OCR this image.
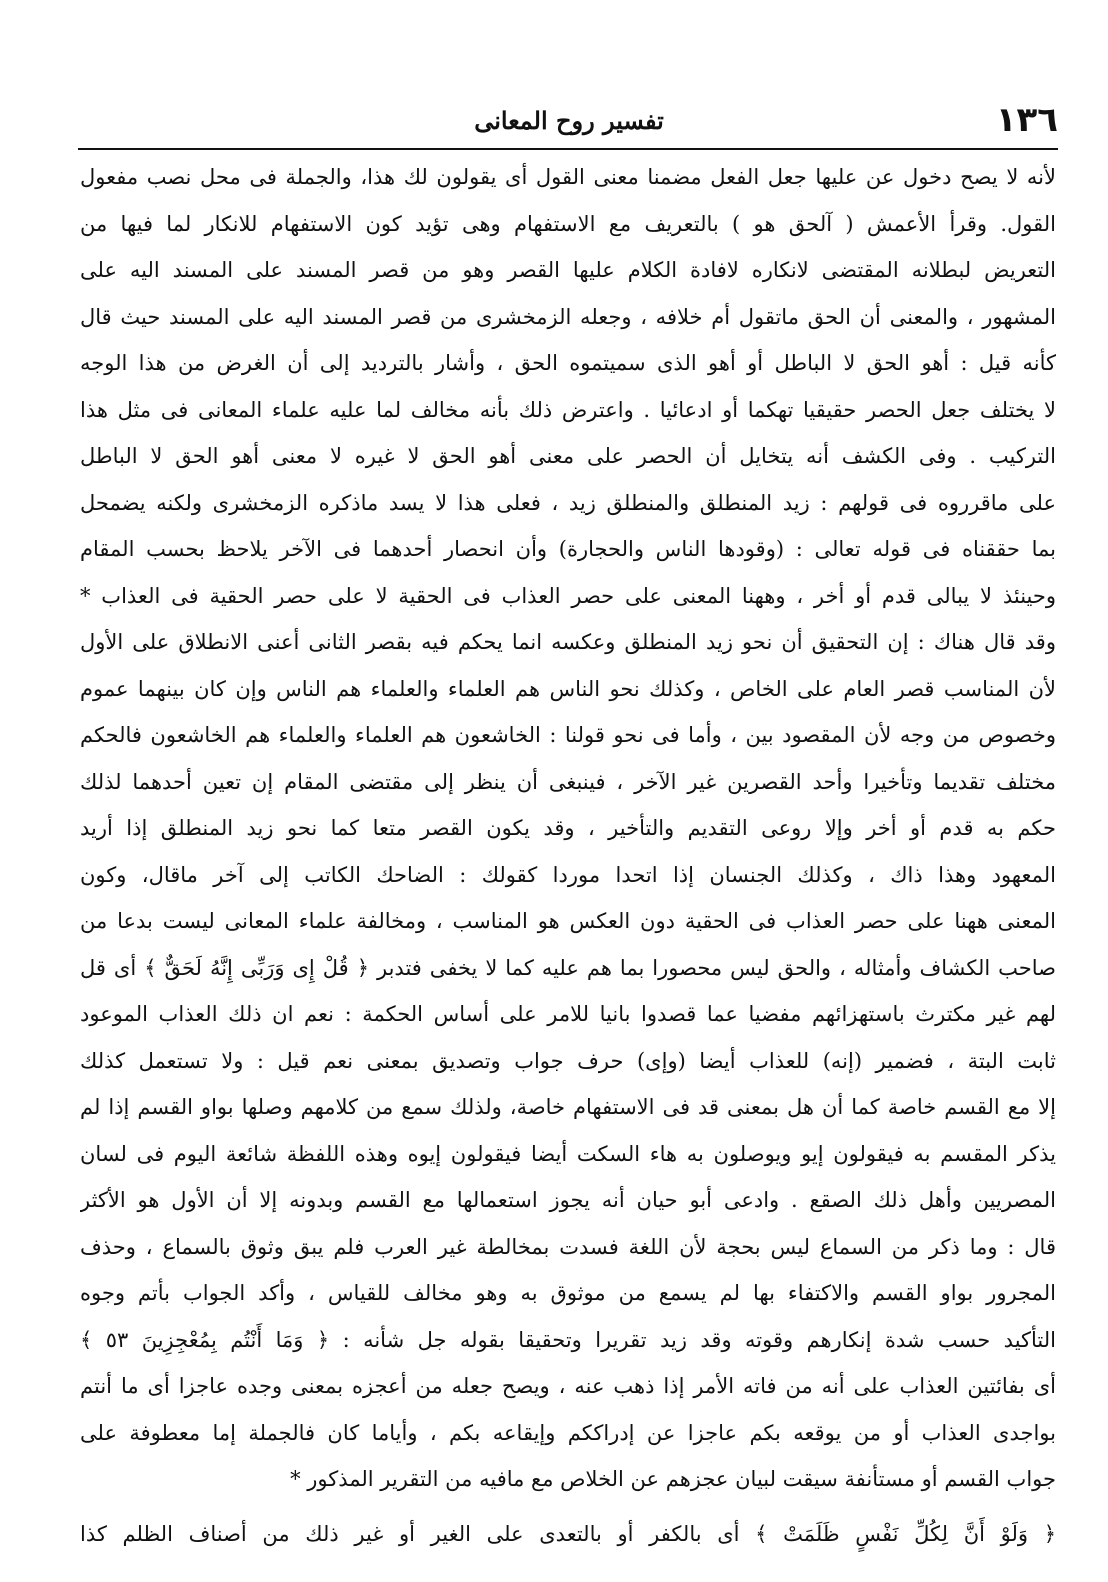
١٣٦
تفسير روح المعانى
لأنه لا يصح دخول عن عليها جعل الفعل مضمنا معنى القول أى يقولون لك هذا، والجملة فى محل نصب مفعول
القول. وقرأ الأعمش ( آلحق هو ) بالتعريف مع الاستفهام وهى تؤيد كون الاستفهام للانكار لما فيها من
التعريض لبطلانه المقتضى لانكاره لافادة الكلام عليها القصر وهو من قصر المسند على المسند اليه على
المشهور ، والمعنى أن الحق ماتقول أم خلافه ، وجعله الزمخشرى من قصر المسند اليه على المسند حيث قال
كأنه قيل : أهو الحق لا الباطل أو أهو الذى سميتموه الحق ، وأشار بالترديد إلى أن الغرض من هذا الوجه
لا يختلف جعل الحصر حقيقيا تهكما أو ادعائيا . واعترض ذلك بأنه مخالف لما عليه علماء المعانى فى مثل هذا
التركيب . وفى الكشف أنه يتخايل أن الحصر على معنى أهو الحق لا غيره لا معنى أهو الحق لا الباطل
على ماقرروه فى قولهم : زيد المنطلق والمنطلق زيد ، فعلى هذا لا يسد ماذكره الزمخشرى ولكنه يضمحل
بما حققناه فى قوله تعالى : (وقودها الناس والحجارة) وأن انحصار أحدهما فى الآخر يلاحظ بحسب المقام
وحينئذ لا يبالى قدم أو أخر ، وههنا المعنى على حصر العذاب فى الحقية لا على حصر الحقية فى العذاب *
وقد قال هناك : إن التحقيق أن نحو زيد المنطلق وعكسه انما يحكم فيه بقصر الثانى أعنى الانطلاق على الأول
لأن المناسب قصر العام على الخاص ، وكذلك نحو الناس هم العلماء والعلماء هم الناس وإن كان بينهما عموم
وخصوص من وجه لأن المقصود بين ، وأما فى نحو قولنا : الخاشعون هم العلماء والعلماء هم الخاشعون فالحكم
مختلف تقديما وتأخيرا وأحد القصرين غير الآخر ، فينبغى أن ينظر إلى مقتضى المقام إن تعين أحدهما لذلك
حكم به قدم أو أخر وإلا روعى التقديم والتأخير ، وقد يكون القصر متعا كما نحو زيد المنطلق إذا أريد
المعهود وهذا ذاك ، وكذلك الجنسان إذا اتحدا موردا كقولك : الضاحك الكاتب إلى آخر ماقال، وكون
المعنى ههنا على حصر العذاب فى الحقية دون العكس هو المناسب ، ومخالفة علماء المعانى ليست بدعا من
صاحب الكشاف وأمثاله ، والحق ليس محصورا بما هم عليه كما لا يخفى فتدبر ﴿ قُلْ إِى وَرَبِّى إِنَّهُ لَحَقٌّ ﴾ أى قل
لهم غير مكترث باستهزائهم مفضيا عما قصدوا بانيا للامر على أساس الحكمة : نعم ان ذلك العذاب الموعود
ثابت البتة ، فضمير (إنه) للعذاب أيضا (وإى) حرف جواب وتصديق بمعنى نعم قيل : ولا تستعمل كذلك
إلا مع القسم خاصة كما أن هل بمعنى قد فى الاستفهام خاصة، ولذلك سمع من كلامهم وصلها بواو القسم إذا لم
يذكر المقسم به فيقولون إيو ويوصلون به هاء السكت أيضا فيقولون إيوه وهذه اللفظة شائعة اليوم فى لسان
المصريين وأهل ذلك الصقع . وادعى أبو حيان أنه يجوز استعمالها مع القسم وبدونه إلا أن الأول هو الأكثر
قال : وما ذكر من السماع ليس بحجة لأن اللغة فسدت بمخالطة غير العرب فلم يبق وثوق بالسماع ، وحذف
المجرور بواو القسم والاكتفاء بها لم يسمع من موثوق به وهو مخالف للقياس ، وأكد الجواب بأتم وجوه
التأكيد حسب شدة إنكارهم وقوته وقد زيد تقريرا وتحقيقا بقوله جل شأنه : ﴿ وَمَا أَنْتُم بِمُعْجِزِينَ ٥٣ ﴾
أى بفائتين العذاب على أنه من فاته الأمر إذا ذهب عنه ، ويصح جعله من أعجزه بمعنى وجده عاجزا أى ما أنتم
بواجدى العذاب أو من يوقعه بكم عاجزا عن إدراككم وإيقاعه بكم ، وأياما كان فالجملة إما معطوفة على
جواب القسم أو مستأنفة سيقت لبيان عجزهم عن الخلاص مع مافيه من التقرير المذكور *
﴿ وَلَوْ أَنَّ لِكُلِّ نَفْسٍ ظَلَمَتْ ﴾ أى بالكفر أو بالتعدى على الغير أو غير ذلك من أصناف الظلم كذا
